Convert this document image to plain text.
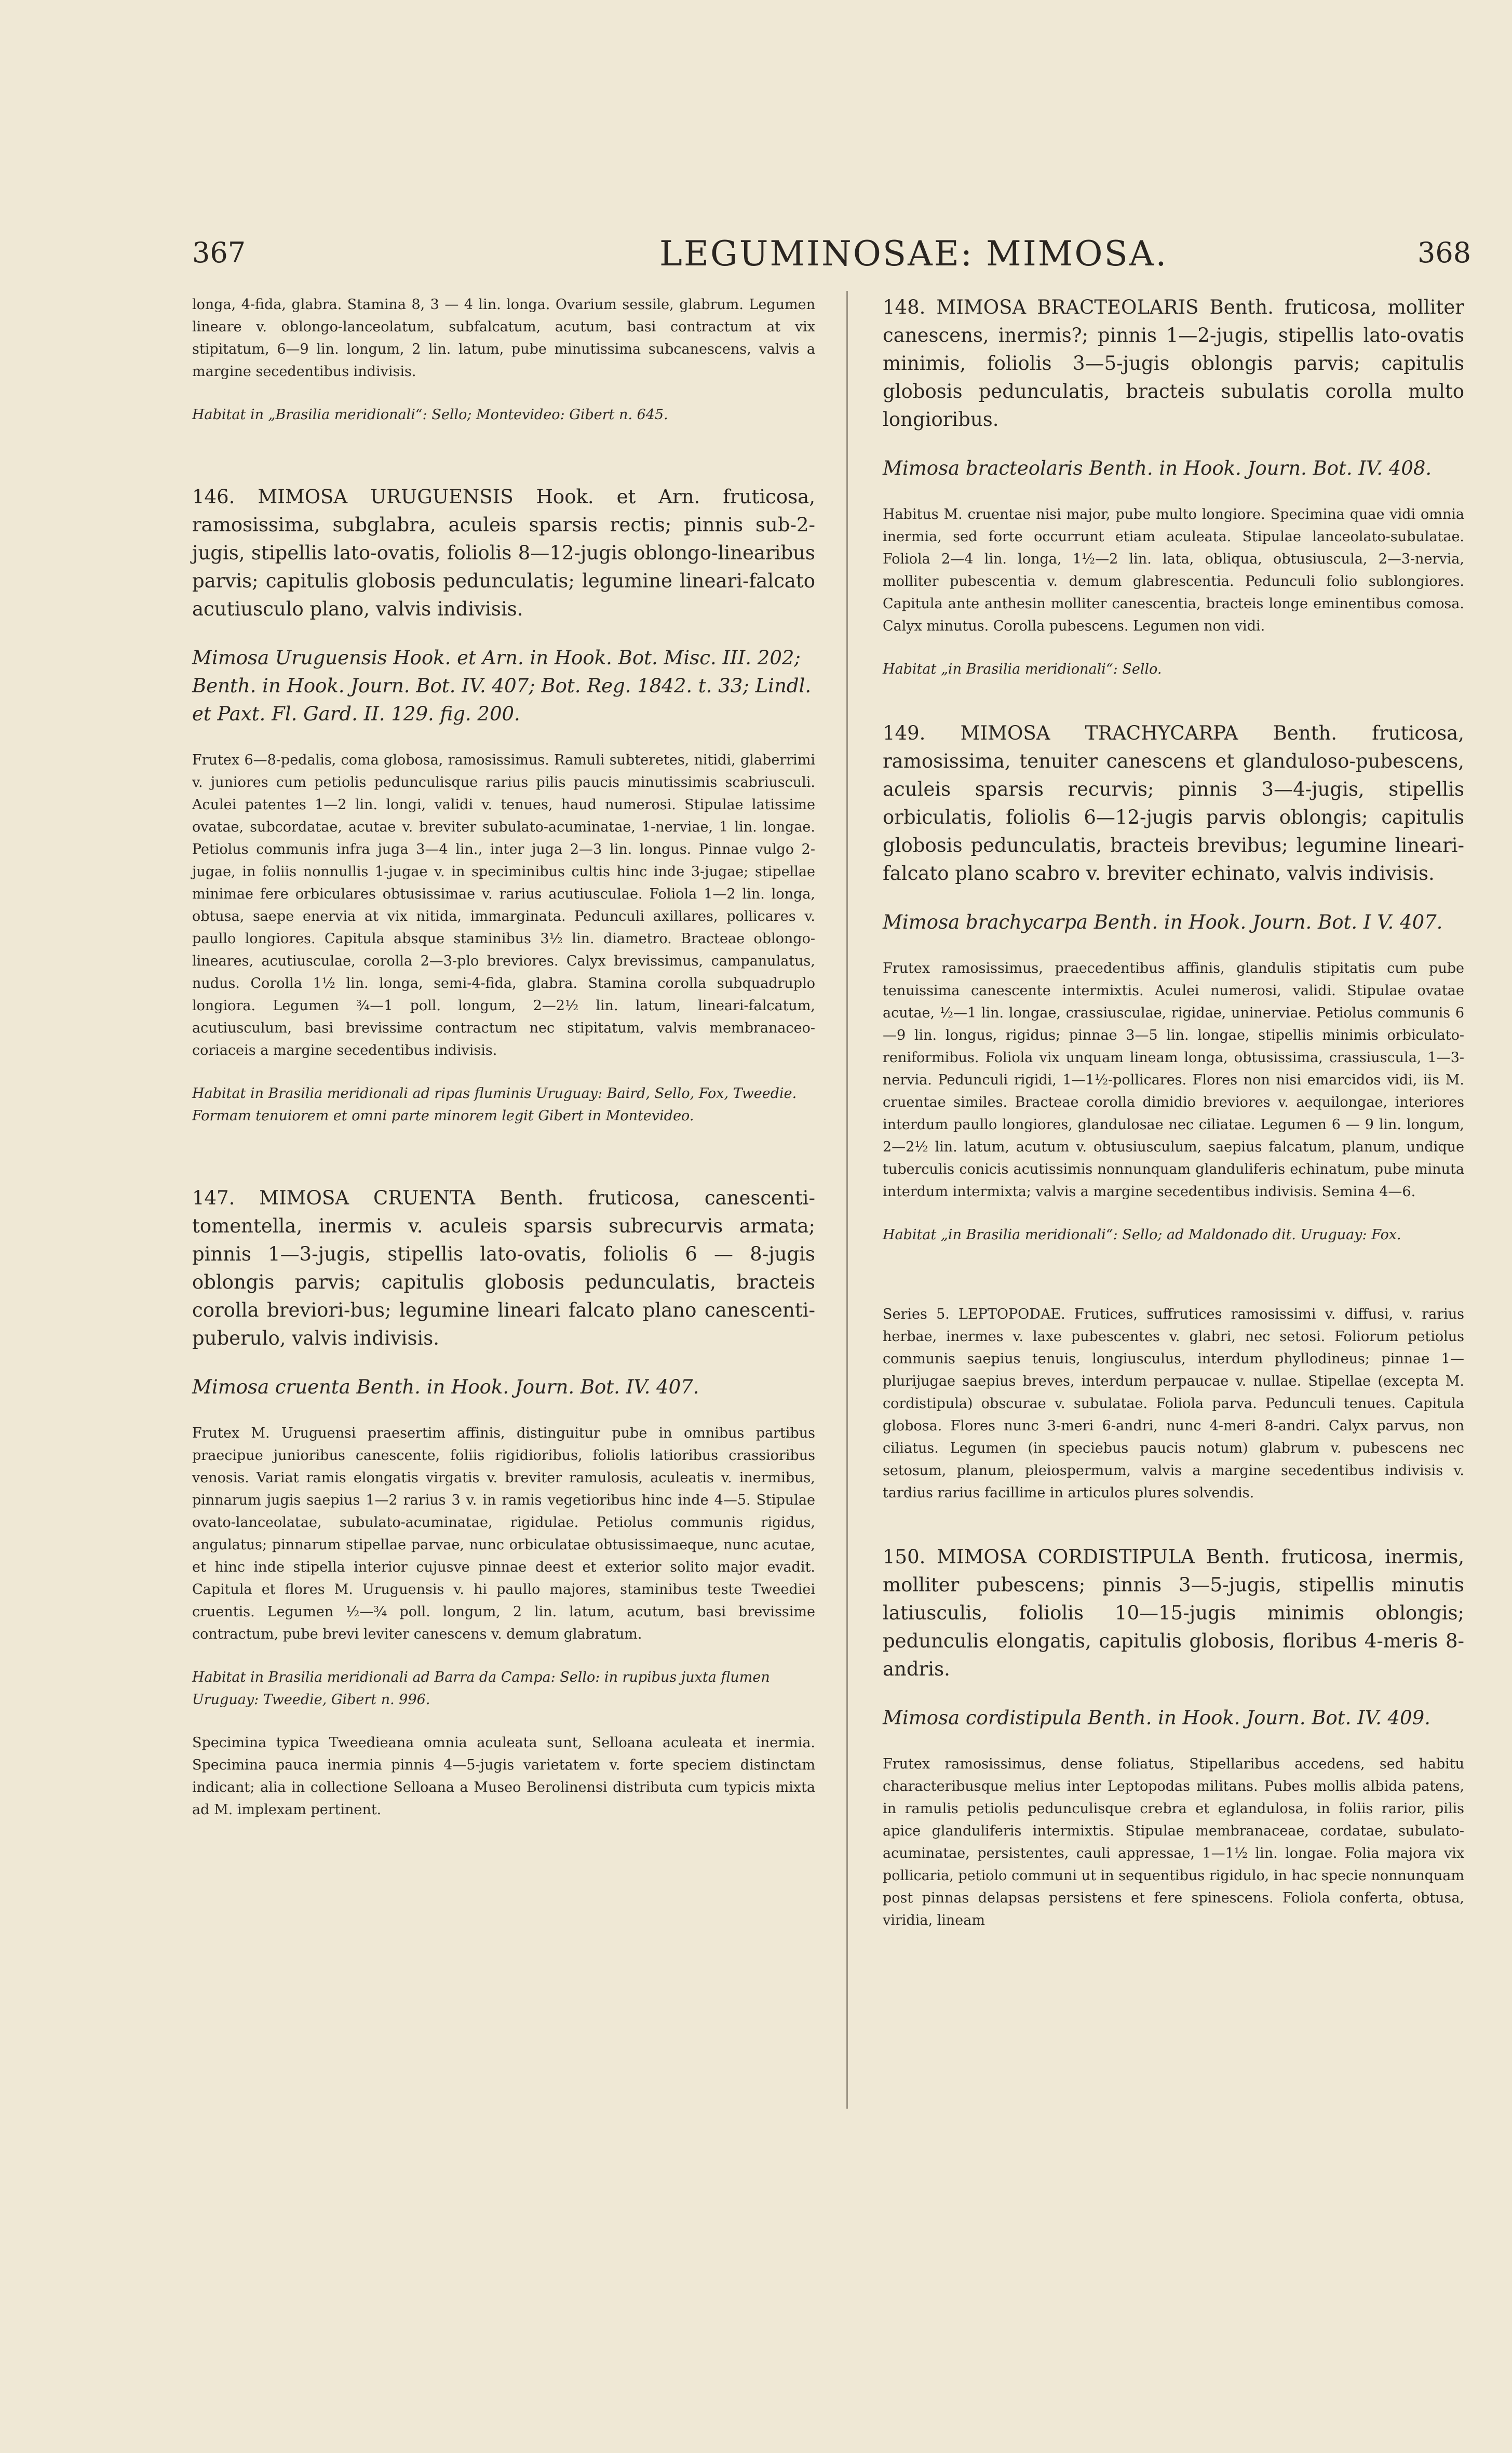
367	LEGUMINOSAE: MIMOSA.	368

longa, 4-fida, glabra. Stamina 8, 3 — 4 lin. longa. Ovarium sessile, glabrum. Legumen lineare v. oblongo-lanceolatum, subfalcatum, acutum, basi contractum at vix stipitatum, 6—9 lin. longum, 2 lin. latum, pube minutissima subcanescens, valvis a margine secedentibus indivisis.

Habitat in „Brasilia meridionali“: Sello; Montevideo: Gibert n. 645.

146. MIMOSA URUGUENSIS Hook. et Arn. fruticosa, ramosissima, subglabra, aculeis sparsis rectis; pinnis sub-2-jugis, stipellis lato-ovatis, foliolis 8—12-jugis oblongo-linearibus parvis; capitulis globosis pedunculatis; legumine lineari-falcato acutiusculo plano, valvis indivisis.

Mimosa Uruguensis Hook. et Arn. in Hook. Bot. Misc. III. 202; Benth. in Hook. Journ. Bot. IV. 407; Bot. Reg. 1842. t. 33; Lindl. et Paxt. Fl. Gard. II. 129. fig. 200.

Frutex 6—8-pedalis, coma globosa, ramosissimus. Ramuli subteretes, nitidi, glaberrimi v. juniores cum petiolis pedunculisque rarius pilis paucis minutissimis scabriusculi. Aculei patentes 1—2 lin. longi, validi v. tenues, haud numerosi. Stipulae latissime ovatae, subcordatae, acutae v. breviter subulato-acuminatae, 1-nerviae, 1 lin. longae. Petiolus communis infra juga 3—4 lin., inter juga 2—3 lin. longus. Pinnae vulgo 2-jugae, in foliis nonnullis 1-jugae v. in speciminibus cultis hinc inde 3-jugae; stipellae minimae fere orbiculares obtusissimae v. rarius acutiusculae. Foliola 1—2 lin. longa, obtusa, saepe enervia at vix nitida, immarginata. Pedunculi axillares, pollicares v. paullo longiores. Capitula absque staminibus 3½ lin. diametro. Bracteae oblongo-lineares, acutiusculae, corolla 2—3-plo breviores. Calyx brevissimus, campanulatus, nudus. Corolla 1½ lin. longa, semi-4-fida, glabra. Stamina corolla subquadruplo longiora. Legumen ¾—1 poll. longum, 2—2½ lin. latum, lineari-falcatum, acutiusculum, basi brevissime contractum nec stipitatum, valvis membranaceo-coriaceis a margine secedentibus indivisis.

Habitat in Brasilia meridionali ad ripas fluminis Uruguay: Baird, Sello, Fox, Tweedie. Formam tenuiorem et omni parte minorem legit Gibert in Montevideo.

147. MIMOSA CRUENTA Benth. fruticosa, canescenti-tomentella, inermis v. aculeis sparsis subrecurvis armata; pinnis 1—3-jugis, stipellis lato-ovatis, foliolis 6 — 8-jugis oblongis parvis; capitulis globosis pedunculatis, bracteis corolla breviori-bus; legumine lineari falcato plano canescenti-puberulo, valvis indivisis.

Mimosa cruenta Benth. in Hook. Journ. Bot. IV. 407.

Frutex M. Uruguensi praesertim affinis, distinguitur pube in omnibus partibus praecipue junioribus canescente, foliis rigidioribus, foliolis latioribus crassioribus venosis. Variat ramis elongatis virgatis v. breviter ramulosis, aculeatis v. inermibus, pinnarum jugis saepius 1—2 rarius 3 v. in ramis vegetioribus hinc inde 4—5. Stipulae ovato-lanceolatae, subulato-acuminatae, rigidulae. Petiolus communis rigidus, angulatus; pinnarum stipellae parvae, nunc orbiculatae obtusissimaeque, nunc acutae, et hinc inde stipella interior cujusve pinnae deest et exterior solito major evadit. Capitula et flores M. Uruguensis v. hi paullo majores, staminibus teste Tweediei cruentis. Legumen ½—¾ poll. longum, 2 lin. latum, acutum, basi brevissime contractum, pube brevi leviter canescens v. demum glabratum.

Habitat in Brasilia meridionali ad Barra da Campa: Sello: in rupibus juxta flumen Uruguay: Tweedie, Gibert n. 996.

Specimina typica Tweedieana omnia aculeata sunt, Selloana aculeata et inermia. Specimina pauca inermia pinnis 4—5-jugis varietatem v. forte speciem distinctam indicant; alia in collectione Selloana a Museo Berolinensi distributa cum typicis mixta ad M. implexam pertinent.

148. MIMOSA BRACTEOLARIS Benth. fruticosa, molliter canescens, inermis?; pinnis 1—2-jugis, stipellis lato-ovatis minimis, foliolis 3—5-jugis oblongis parvis; capitulis globosis pedunculatis, bracteis subulatis corolla multo longioribus.

Mimosa bracteolaris Benth. in Hook. Journ. Bot. IV. 408.

Habitus M. cruentae nisi major, pube multo longiore. Specimina quae vidi omnia inermia, sed forte occurrunt etiam aculeata. Stipulae lanceolato-subulatae. Foliola 2—4 lin. longa, 1½—2 lin. lata, obliqua, obtusiuscula, 2—3-nervia, molliter pubescentia v. demum glabrescentia. Pedunculi folio sublongiores. Capitula ante anthesin molliter canescentia, bracteis longe eminentibus comosa. Calyx minutus. Corolla pubescens. Legumen non vidi.

Habitat „in Brasilia meridionali“: Sello.

149. MIMOSA TRACHYCARPA Benth. fruticosa, ramosissima, tenuiter canescens et glanduloso-pubescens, aculeis sparsis recurvis; pinnis 3—4-jugis, stipellis orbiculatis, foliolis 6—12-jugis parvis oblongis; capitulis globosis pedunculatis, bracteis brevibus; legumine lineari-falcato plano scabro v. breviter echinato, valvis indivisis.

Mimosa brachycarpa Benth. in Hook. Journ. Bot. I V. 407.

Frutex ramosissimus, praecedentibus affinis, glandulis stipitatis cum pube tenuissima canescente intermixtis. Aculei numerosi, validi. Stipulae ovatae acutae, ½—1 lin. longae, crassiusculae, rigidae, uninerviae. Petiolus communis 6—9 lin. longus, rigidus; pinnae 3—5 lin. longae, stipellis minimis orbiculato-reniformibus. Foliola vix unquam lineam longa, obtusissima, crassiuscula, 1—3-nervia. Pedunculi rigidi, 1—1½-pollicares. Flores non nisi emarcidos vidi, iis M. cruentae similes. Bracteae corolla dimidio breviores v. aequilongae, interiores interdum paullo longiores, glandulosae nec ciliatae. Legumen 6 — 9 lin. longum, 2—2½ lin. latum, acutum v. obtusiusculum, saepius falcatum, planum, undique tuberculis conicis acutissimis nonnunquam glanduliferis echinatum, pube minuta interdum intermixta; valvis a margine secedentibus indivisis. Semina 4—6.

Habitat „in Brasilia meridionali“: Sello; ad Maldonado dit. Uruguay: Fox.

Series 5. LEPTOPODAE. Frutices, suffrutices ramosissimi v. diffusi, v. rarius herbae, inermes v. laxe pubescentes v. glabri, nec setosi. Foliorum petiolus communis saepius tenuis, longiusculus, interdum phyllodineus; pinnae 1—plurijugae saepius breves, interdum perpaucae v. nullae. Stipellae (excepta M. cordistipula) obscurae v. subulatae. Foliola parva. Pedunculi tenues. Capitula globosa. Flores nunc 3-meri 6-andri, nunc 4-meri 8-andri. Calyx parvus, non ciliatus. Legumen (in speciebus paucis notum) glabrum v. pubescens nec setosum, planum, pleiospermum, valvis a margine secedentibus indivisis v. tardius rarius facillime in articulos plures solvendis.

150. MIMOSA CORDISTIPULA Benth. fruticosa, inermis, molliter pubescens; pinnis 3—5-jugis, stipellis minutis latiusculis, foliolis 10—15-jugis minimis oblongis; pedunculis elongatis, capitulis globosis, floribus 4-meris 8-andris.

Mimosa cordistipula Benth. in Hook. Journ. Bot. IV. 409.

Frutex ramosissimus, dense foliatus, Stipellaribus accedens, sed habitu characteribusque melius inter Leptopodas militans. Pubes mollis albida patens, in ramulis petiolis pedunculisque crebra et eglandulosa, in foliis rarior, pilis apice glanduliferis intermixtis. Stipulae membranaceae, cordatae, subulato-acuminatae, persistentes, cauli appressae, 1—1½ lin. longae. Folia majora vix pollicaria, petiolo communi ut in sequentibus rigidulo, in hac specie nonnunquam post pinnas delapsas persistens et fere spinescens. Foliola conferta, obtusa, viridia, lineam
